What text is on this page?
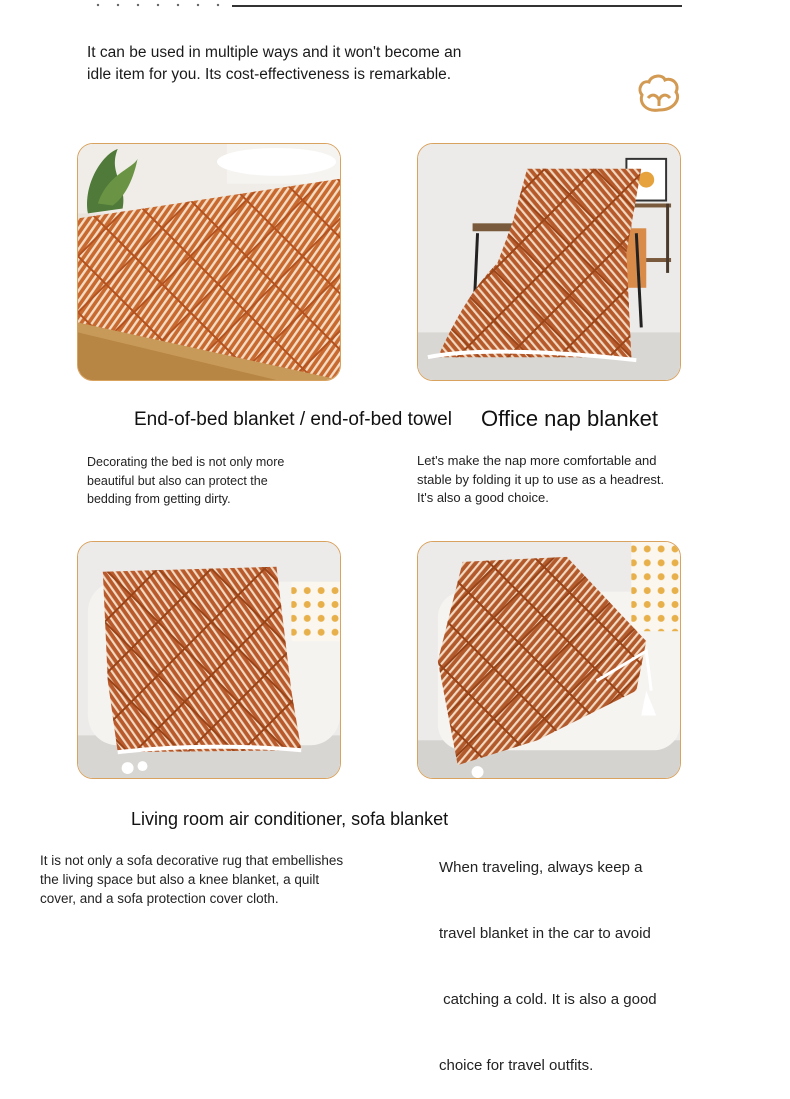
It can be used in multiple ways and it won't become an
idle item for you. Its cost-effectiveness is remarkable.
End-of-bed blanket / end-of-bed towel Office nap blanket
Decorating the bed is not only more
beautiful but also can protect the
bedding from getting dirty.
Let's make the nap more comfortable and
stable by folding it up to use as a headrest.
It's also a good choice.
Living room air conditioner, sofa blanket
It is not only a sofa decorative rug that embellishes
the living space but also a knee blanket, a quilt
cover, and a sofa protection cover cloth.

When traveling, always keep a

travel blanket in the car to avoid

catching a cold. It is also a good

choice for travel outfits.
